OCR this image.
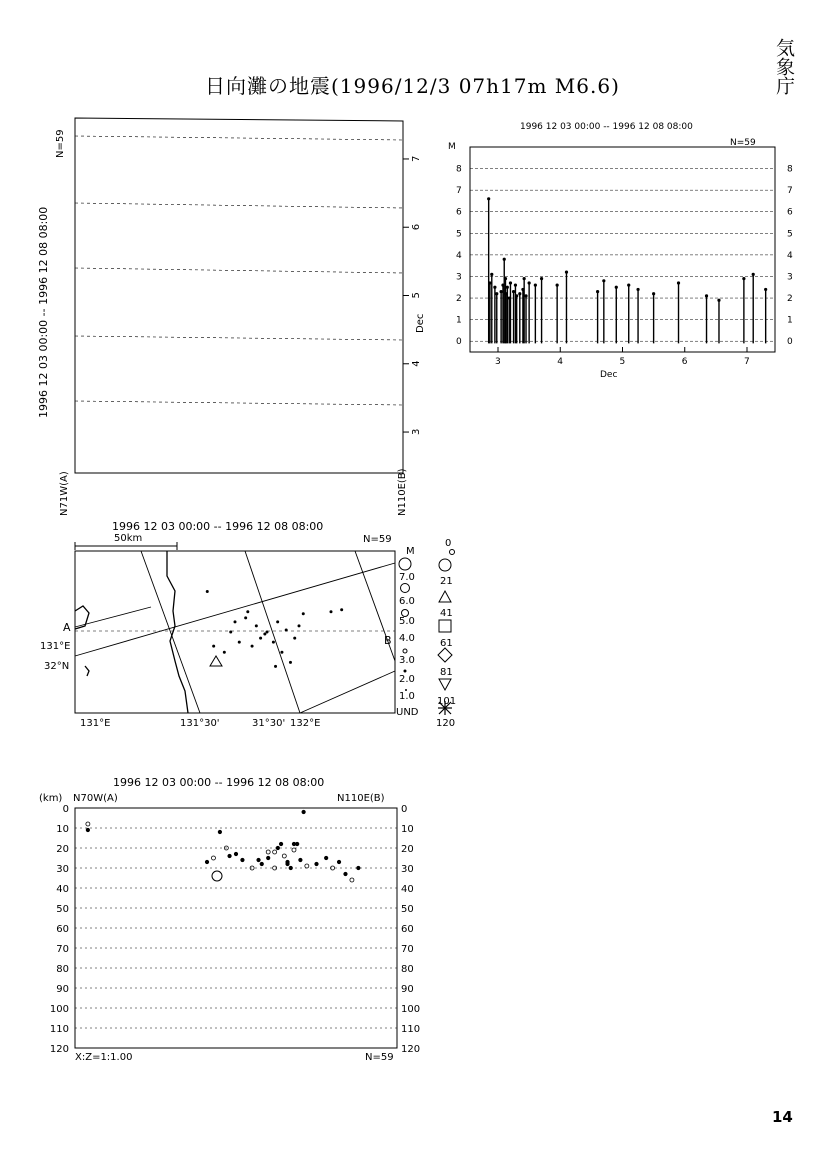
日向灘の地震(1996/12/3 07h17m M6.6)	気象庁
14
3
4
5
6
7
N=59
Dec
1996 12 03 00:00 -- 1996 12 08 08:00
N71W(A)	N110E(B)
1996 12 03 00:00 -- 1996 12 08 08:00
N=59
M
0	0
1	1
2	2
3	3
4	4
5	5
6	6
7	7
8	8
3	4	5	6	7
Dec
1996 12 03 00:00 -- 1996 12 08 08:00
N=59
50km
A
B
131°E
32°N
131°E	131°30'	31°30' 132°E
M
7.0
6.0
5.0
4.0
3.0
2.0
1.0
UND
0
21
41
61
81
101
120
1996 12 03 00:00 -- 1996 12 08 08:00
(km) N70W(A)	N110E(B)
0	0
10	10
20	20
30	30
40	40
50	50
60	60
70	70
80	80
90	90
100	100
110	110
120	120
X:Z=1:1.00	N=59
